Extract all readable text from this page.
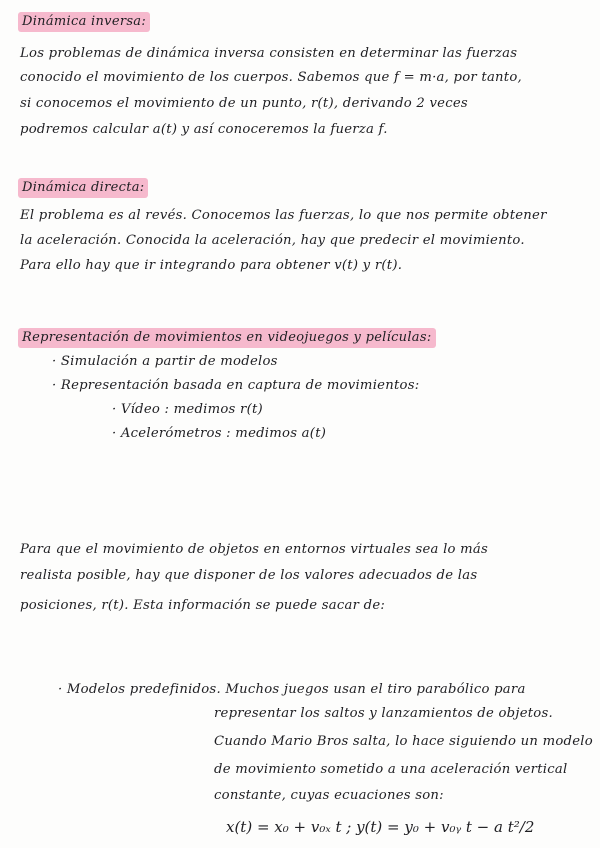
Dinámica inversa:
Los problemas de dinámica inversa consisten en determinar las fuerzas
conocido el movimiento de los cuerpos. Sabemos que f = m·a, por tanto,
si conocemos el movimiento de un punto, r(t), derivando 2 veces
podremos calcular a(t) y así conoceremos la fuerza f.
Dinámica directa:
El problema es al revés. Conocemos las fuerzas, lo que nos permite obtener
la aceleración. Conocida la aceleración, hay que predecir el movimiento.
Para ello hay que ir integrando para obtener v(t) y r(t).
Representación de movimientos en videojuegos y películas:
· Simulación a partir de modelos
· Representación basada en captura de movimientos:
· Vídeo : medimos r(t)
· Acelerómetros : medimos a(t)
Para que el movimiento de objetos en entornos virtuales sea lo más
realista posible, hay que disponer de los valores adecuados de las
posiciones, r(t). Esta información se puede sacar de:
· Modelos predefinidos. Muchos juegos usan el tiro parabólico para
representar los saltos y lanzamientos de objetos.
Cuando Mario Bros salta, lo hace siguiendo un modelo
de movimiento sometido a una aceleración vertical
constante, cuyas ecuaciones son:
x(t) = x₀ + v₀ₓ t ; y(t) = y₀ + v₀ᵧ t − a t²/2
